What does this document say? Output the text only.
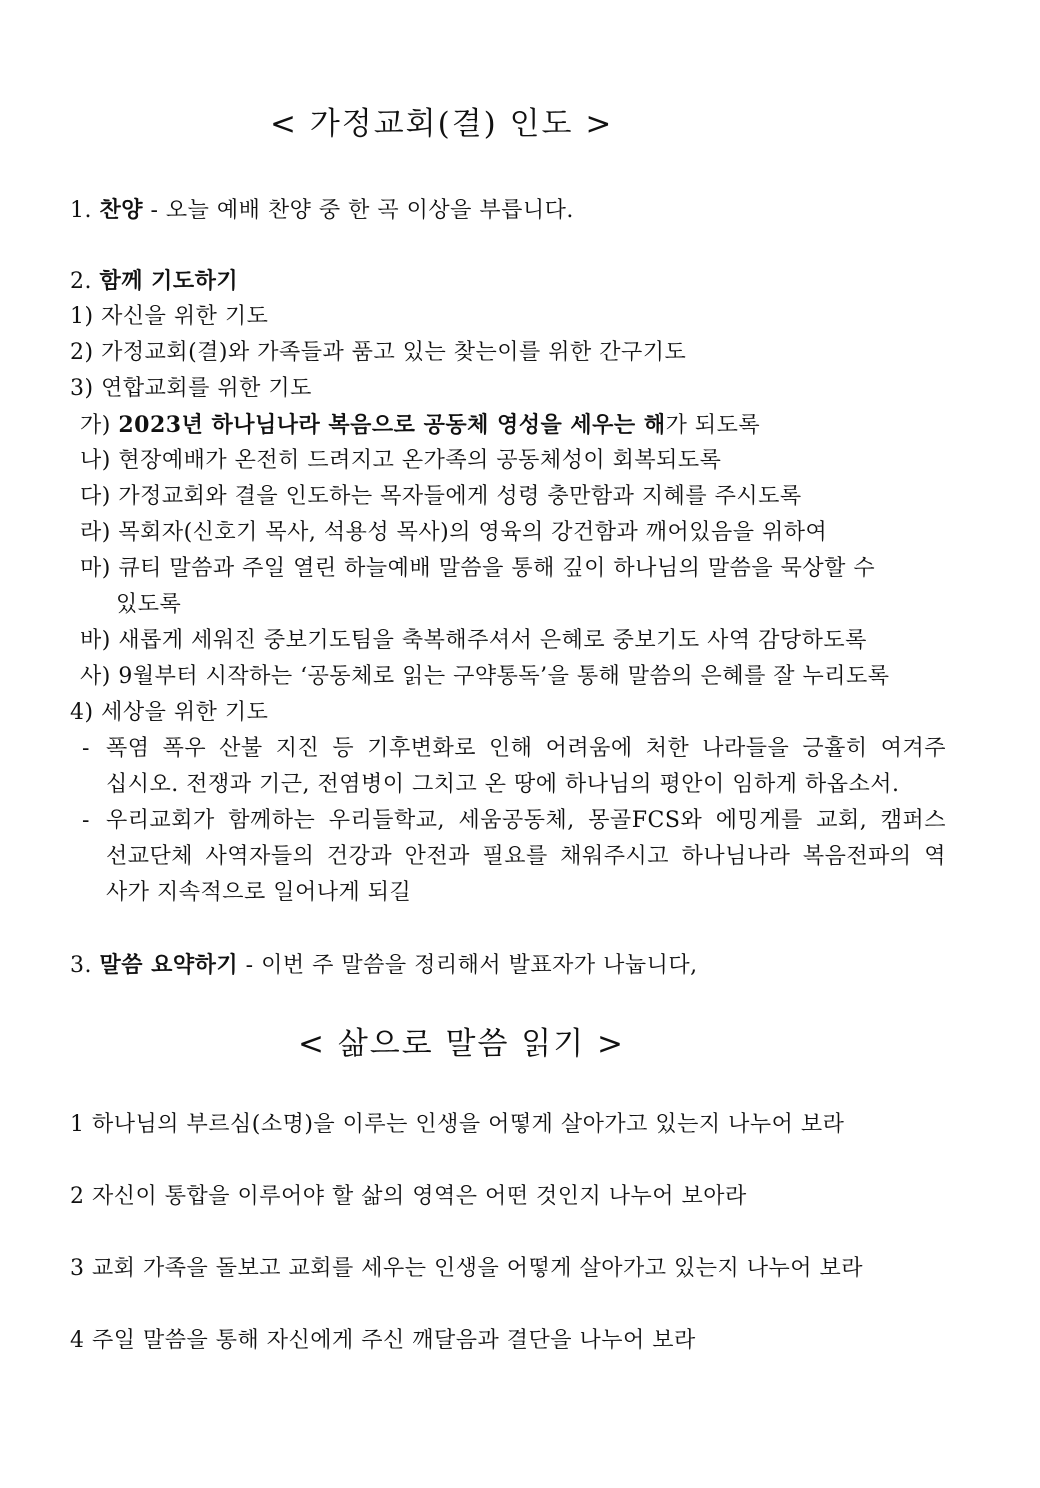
< 가정교회(결) 인도 >
1. 찬양 - 오늘 예배 찬양 중 한 곡 이상을 부릅니다.
2. 함께 기도하기
1) 자신을 위한 기도
2) 가정교회(결)와 가족들과 품고 있는 찾는이를 위한 간구기도
3) 연합교회를 위한 기도
가) 2023년 하나님나라 복음으로 공동체 영성을 세우는 해가 되도록
나) 현장예배가 온전히 드려지고 온가족의 공동체성이 회복되도록
다) 가정교회와 결을 인도하는 목자들에게 성령 충만함과 지혜를 주시도록
라) 목회자(신호기 목사, 석용성 목사)의 영육의 강건함과 깨어있음을 위하여
마) 큐티 말씀과 주일 열린 하늘예배 말씀을 통해 깊이 하나님의 말씀을 묵상할 수
있도록
바) 새롭게 세워진 중보기도팀을 축복해주셔서 은혜로 중보기도 사역 감당하도록
사) 9월부터 시작하는 ‘공동체로 읽는 구약통독’을 통해 말씀의 은혜를 잘 누리도록
4) 세상을 위한 기도
- 폭염 폭우 산불 지진 등 기후변화로 인해 어려움에 처한 나라들을 긍휼히 여겨주
십시오. 전쟁과 기근, 전염병이 그치고 온 땅에 하나님의 평안이 임하게 하옵소서.
- 우리교회가 함께하는 우리들학교, 세움공동체, 몽골FCS와 에밍게를 교회, 캠퍼스
선교단체 사역자들의 건강과 안전과 필요를 채워주시고 하나님나라 복음전파의 역
사가 지속적으로 일어나게 되길
3. 말씀 요약하기 - 이번 주 말씀을 정리해서 발표자가 나눕니다,
< 삶으로 말씀 읽기 >
1 하나님의 부르심(소명)을 이루는 인생을 어떻게 살아가고 있는지 나누어 보라
2 자신이 통합을 이루어야 할 삶의 영역은 어떤 것인지 나누어 보아라
3 교회 가족을 돌보고 교회를 세우는 인생을 어떻게 살아가고 있는지 나누어 보라
4 주일 말씀을 통해 자신에게 주신 깨달음과 결단을 나누어 보라
